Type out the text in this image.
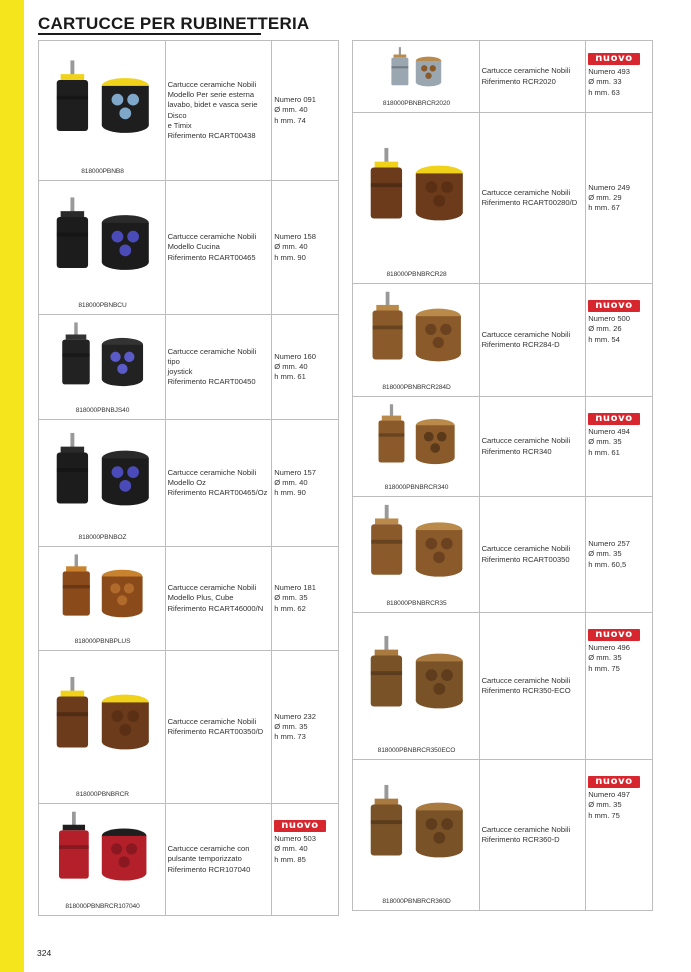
CARTUCCE PER RUBINETTERIA
818000PBNB8
Cartucce ceramiche Nobili
Modello Per serie esterna
lavabo, bidet e vasca serie Disco
e Timix
Riferimento RCART00438
Numero 091
Ø mm. 40
h mm. 74
818000PBNBCU
Cartucce ceramiche Nobili
Modello Cucina
Riferimento RCART00465
Numero 158
Ø mm. 40
h mm. 90
818000PBNBJS40
Cartucce ceramiche Nobili tipo
joystick
Riferimento RCART00450
Numero 160
Ø mm. 40
h mm. 61
818000PBNBOZ
Cartucce ceramiche Nobili
Modello Oz
Riferimento RCART00465/Oz
Numero 157
Ø mm. 40
h mm. 90
818000PBNBPLUS
Cartucce ceramiche Nobili
Modello Plus, Cube
Riferimento RCART46000/N
Numero 181
Ø mm. 35
h mm. 62
818000PBNBRCR
Cartucce ceramiche Nobili
Riferimento RCART00350/D
Numero 232
Ø mm. 35
h mm. 73
818000PBNBRCR107040
Cartucce ceramiche con
pulsante temporizzato
Riferimento RCR107040
nuovo
Numero 503
Ø mm. 40
h mm. 85
818000PBNBRCR2020
Cartucce ceramiche Nobili
Riferimento RCR2020
nuovo
Numero 493
Ø mm. 33
h mm. 63
818000PBNBRCR28
Cartucce ceramiche Nobili
Riferimento RCART00280/D
Numero 249
Ø mm. 29
h mm. 67
818000PBNBRCR284D
Cartucce ceramiche Nobili
Riferimento RCR284-D
nuovo
Numero 500
Ø mm. 26
h mm. 54
818000PBNBRCR340
Cartucce ceramiche Nobili
Riferimento RCR340
nuovo
Numero 494
Ø mm. 35
h mm. 61
818000PBNBRCR35
Cartucce ceramiche Nobili
Riferimento RCART00350
Numero 257
Ø mm. 35
h mm. 60,5
818000PBNBRCR350ECO
Cartucce ceramiche Nobili
Riferimento RCR350-ECO
nuovo
Numero 496
Ø mm. 35
h mm. 75
818000PBNBRCR360D
Cartucce ceramiche Nobili
Riferimento RCR360-D
nuovo
Numero 497
Ø mm. 35
h mm. 75
324
